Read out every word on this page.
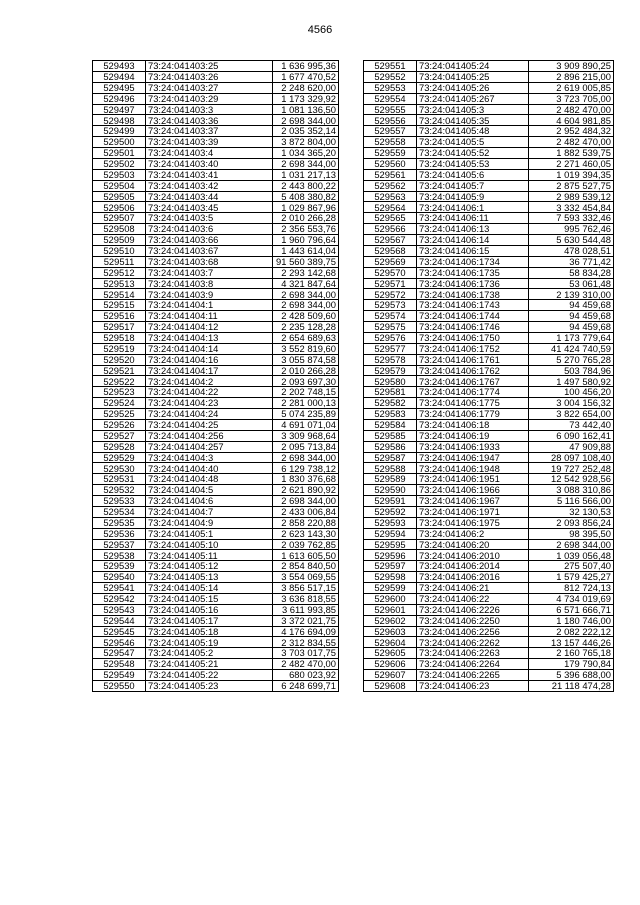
4566
529493	73:24:041403:25	1 636 995,36
529494	73:24:041403:26	1 677 470,52
529495	73:24:041403:27	2 248 620,00
529496	73:24:041403:29	1 173 329,92
529497	73:24:041403:3	1 081 136,50
529498	73:24:041403:36	2 698 344,00
529499	73:24:041403:37	2 035 352,14
529500	73:24:041403:39	3 872 804,00
529501	73:24:041403:4	1 034 365,20
529502	73:24:041403:40	2 698 344,00
529503	73:24:041403:41	1 031 217,13
529504	73:24:041403:42	2 443 800,22
529505	73:24:041403:44	5 408 380,82
529506	73:24:041403:45	1 029 867,96
529507	73:24:041403:5	2 010 266,28
529508	73:24:041403:6	2 356 553,76
529509	73:24:041403:66	1 960 796,64
529510	73:24:041403:67	1 443 614,04
529511	73:24:041403:68	91 560 389,75
529512	73:24:041403:7	2 293 142,68
529513	73:24:041403:8	4 321 847,64
529514	73:24:041403:9	2 698 344,00
529515	73:24:041404:1	2 698 344,00
529516	73:24:041404:11	2 428 509,60
529517	73:24:041404:12	2 235 128,28
529518	73:24:041404:13	2 654 689,63
529519	73:24:041404:14	3 552 819,60
529520	73:24:041404:16	3 055 874,58
529521	73:24:041404:17	2 010 266,28
529522	73:24:041404:2	2 093 697,30
529523	73:24:041404:22	2 202 748,15
529524	73:24:041404:23	2 281 000,13
529525	73:24:041404:24	5 074 235,89
529526	73:24:041404:25	4 691 071,04
529527	73:24:041404:256	3 309 968,64
529528	73:24:041404:257	2 095 713,84
529529	73:24:041404:3	2 698 344,00
529530	73:24:041404:40	6 129 738,12
529531	73:24:041404:48	1 830 376,68
529532	73:24:041404:5	2 621 890,92
529533	73:24:041404:6	2 698 344,00
529534	73:24:041404:7	2 433 006,84
529535	73:24:041404:9	2 858 220,88
529536	73:24:041405:1	2 623 143,30
529537	73:24:041405:10	2 039 762,85
529538	73:24:041405:11	1 613 605,50
529539	73:24:041405:12	2 854 840,50
529540	73:24:041405:13	3 554 069,55
529541	73:24:041405:14	3 856 517,15
529542	73:24:041405:15	3 636 818,55
529543	73:24:041405:16	3 611 993,85
529544	73:24:041405:17	3 372 021,75
529545	73:24:041405:18	4 176 694,09
529546	73:24:041405:19	2 312 834,55
529547	73:24:041405:2	3 703 017,75
529548	73:24:041405:21	2 482 470,00
529549	73:24:041405:22	680 023,92
529550	73:24:041405:23	6 248 699,71
529551	73:24:041405:24	3 909 890,25
529552	73:24:041405:25	2 896 215,00
529553	73:24:041405:26	2 619 005,85
529554	73:24:041405:267	3 723 705,00
529555	73:24:041405:3	2 482 470,00
529556	73:24:041405:35	4 604 981,85
529557	73:24:041405:48	2 952 484,32
529558	73:24:041405:5	2 482 470,00
529559	73:24:041405:52	1 882 539,75
529560	73:24:041405:53	2 271 460,05
529561	73:24:041405:6	1 019 394,35
529562	73:24:041405:7	2 875 527,75
529563	73:24:041405:9	2 989 539,12
529564	73:24:041406:1	3 332 454,84
529565	73:24:041406:11	7 593 332,46
529566	73:24:041406:13	995 762,46
529567	73:24:041406:14	5 630 544,48
529568	73:24:041406:15	478 028,51
529569	73:24:041406:1734	36 771,42
529570	73:24:041406:1735	58 834,28
529571	73:24:041406:1736	53 061,48
529572	73:24:041406:1738	2 139 310,00
529573	73:24:041406:1743	94 459,68
529574	73:24:041406:1744	94 459,68
529575	73:24:041406:1746	94 459,68
529576	73:24:041406:1750	1 173 779,64
529577	73:24:041406:1752	41 424 740,59
529578	73:24:041406:1761	5 270 765,28
529579	73:24:041406:1762	503 784,96
529580	73:24:041406:1767	1 497 580,92
529581	73:24:041406:1774	100 456,20
529582	73:24:041406:1775	3 004 156,32
529583	73:24:041406:1779	3 822 654,00
529584	73:24:041406:18	73 442,40
529585	73:24:041406:19	6 090 162,41
529586	73:24:041406:1933	47 909,88
529587	73:24:041406:1947	28 097 108,40
529588	73:24:041406:1948	19 727 252,48
529589	73:24:041406:1951	12 542 928,56
529590	73:24:041406:1966	3 088 310,86
529591	73:24:041406:1967	5 116 566,00
529592	73:24:041406:1971	32 130,53
529593	73:24:041406:1975	2 093 856,24
529594	73:24:041406:2	98 395,50
529595	73:24:041406:20	2 698 344,00
529596	73:24:041406:2010	1 039 056,48
529597	73:24:041406:2014	275 507,40
529598	73:24:041406:2016	1 579 425,27
529599	73:24:041406:21	812 724,13
529600	73:24:041406:22	4 734 019,69
529601	73:24:041406:2226	6 571 666,71
529602	73:24:041406:2250	1 180 746,00
529603	73:24:041406:2256	2 082 222,12
529604	73:24:041406:2262	13 157 446,26
529605	73:24:041406:2263	2 160 765,18
529606	73:24:041406:2264	179 790,84
529607	73:24:041406:2265	5 396 688,00
529608	73:24:041406:23	21 118 474,28
